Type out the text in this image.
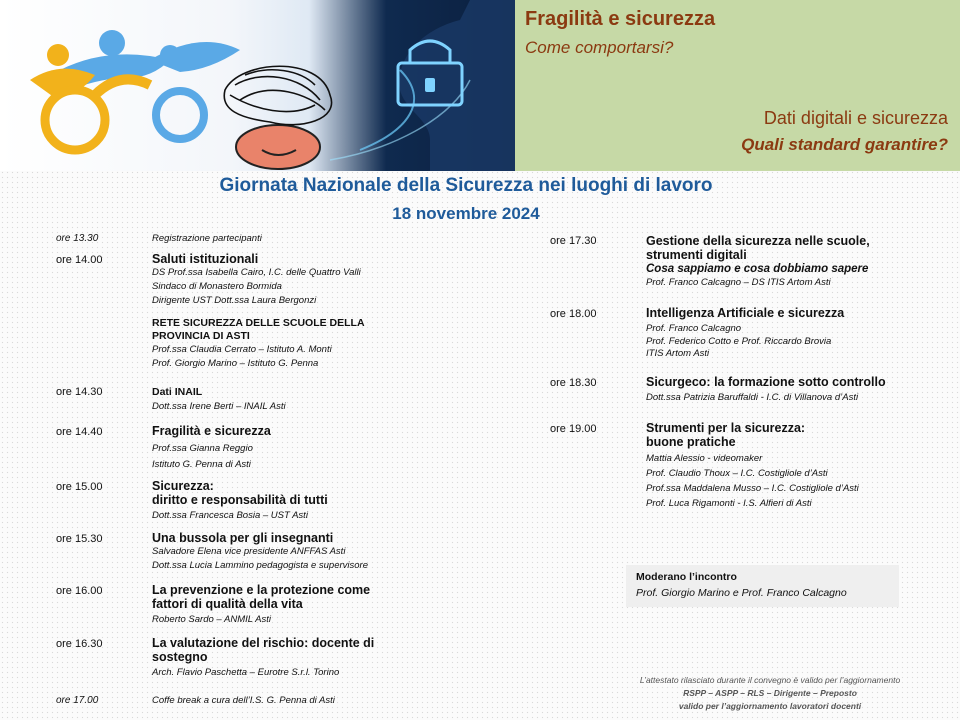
Fragilità e sicurezza
Come comportarsi?
Dati digitali e sicurezza
Quali standard garantire?
Giornata Nazionale della Sicurezza nei luoghi di lavoro
18 novembre 2024
ore 13.30	Registrazione partecipanti
ore 14.00	Saluti istituzionali
DS Prof.ssa Isabella Cairo, I.C. delle Quattro Valli
Sindaco di Monastero Bormida
Dirigente UST Dott.ssa Laura Bergonzi
RETE SICUREZZA DELLE SCUOLE DELLA
PROVINCIA DI ASTI
Prof.ssa Claudia Cerrato – Istituto A. Monti
Prof. Giorgio Marino – Istituto G. Penna
ore 14.30	Dati INAIL
Dott.ssa Irene Berti – INAIL Asti
ore 14.40	Fragilità e sicurezza
Prof.ssa Gianna Reggio
Istituto G. Penna di Asti
ore 15.00	Sicurezza:
diritto e responsabilità di tutti
Dott.ssa Francesca Bosia – UST Asti
ore 15.30	Una bussola per gli insegnanti
Salvadore Elena vice presidente ANFFAS Asti
Dott.ssa Lucia Lammino pedagogista e supervisore
ore 16.00	La prevenzione e la protezione come
fattori di qualità della vita
Roberto Sardo – ANMIL Asti
ore 16.30	La valutazione del rischio: docente di
sostegno
Arch. Flavio Paschetta – Eurotre S.r.l. Torino
ore 17.00	Coffe break a cura dell’I.S. G. Penna di Asti
ore 17.30	Gestione della sicurezza nelle scuole,
strumenti digitali
Cosa sappiamo e cosa dobbiamo sapere
Prof. Franco Calcagno – DS ITIS Artom Asti
ore 18.00	Intelligenza Artificiale e sicurezza
Prof. Franco Calcagno
Prof. Federico Cotto e Prof. Riccardo Brovia
ITIS Artom Asti
ore 18.30	Sicurgeco: la formazione sotto controllo
Dott.ssa Patrizia Baruffaldi - I.C. di Villanova d’Asti
ore 19.00	Strumenti per la sicurezza:
buone pratiche
Mattia Alessio - videomaker
Prof. Claudio Thoux – I.C. Costigliole d’Asti
Prof.ssa Maddalena Musso – I.C. Costigliole d’Asti
Prof. Luca Rigamonti - I.S. Alfieri di Asti
Moderano l’incontro
Prof. Giorgio Marino e Prof. Franco Calcagno
L’attestato rilasciato durante il convegno è valido per l’aggiornamento
RSPP – ASPP – RLS – Dirigente – Preposto
valido per l’aggiornamento lavoratori docenti
